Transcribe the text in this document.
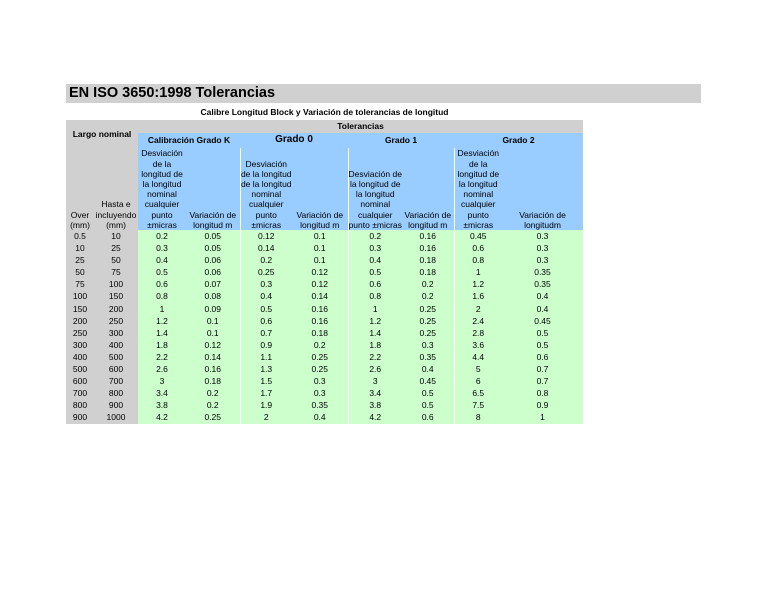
EN ISO 3650:1998 Tolerancias
Calibre Longitud Block y Variación de tolerancias de longitud
Largo nominal		Tolerancias							
		Calibración Grado K		Grado 0		Grado 1		Grado 2	
Over (mm)	Hasta e incluyendo (mm)	Desviación de la longitud de la longitud nominal cualquier punto ±micras	Variación de longitud m	Desviación de la longitud de la longitud nominal cualquier punto ±micras	Variación de longitud m	Desviación de la longitud de la longitud nominal cualquier punto ±micras	Variación de longitud m	Desviación de la longitud de la longitud nominal cualquier punto ±micras	Variación de longitudm
0.5	10	0.2	0.05	0.12	0.1	0.2	0.16	0.45	0.3
10	25	0.3	0.05	0.14	0.1	0.3	0.16	0.6	0.3
25	50	0.4	0.06	0.2	0.1	0.4	0.18	0.8	0.3
50	75	0.5	0.06	0.25	0.12	0.5	0.18	1	0.35
75	100	0.6	0.07	0.3	0.12	0.6	0.2	1.2	0.35
100	150	0.8	0.08	0.4	0.14	0.8	0.2	1.6	0.4
150	200	1	0.09	0.5	0.16	1	0.25	2	0.4
200	250	1.2	0.1	0.6	0.16	1.2	0.25	2.4	0.45
250	300	1.4	0.1	0.7	0.18	1.4	0.25	2.8	0.5
300	400	1.8	0.12	0.9	0.2	1.8	0.3	3.6	0.5
400	500	2.2	0.14	1.1	0.25	2.2	0.35	4.4	0.6
500	600	2.6	0.16	1.3	0.25	2.6	0.4	5	0.7
600	700	3	0.18	1.5	0.3	3	0.45	6	0.7
700	800	3.4	0.2	1.7	0.3	3.4	0.5	6.5	0.8
800	900	3.8	0.2	1.9	0.35	3.8	0.5	7.5	0.9
900	1000	4.2	0.25	2	0.4	4.2	0.6	8	1
